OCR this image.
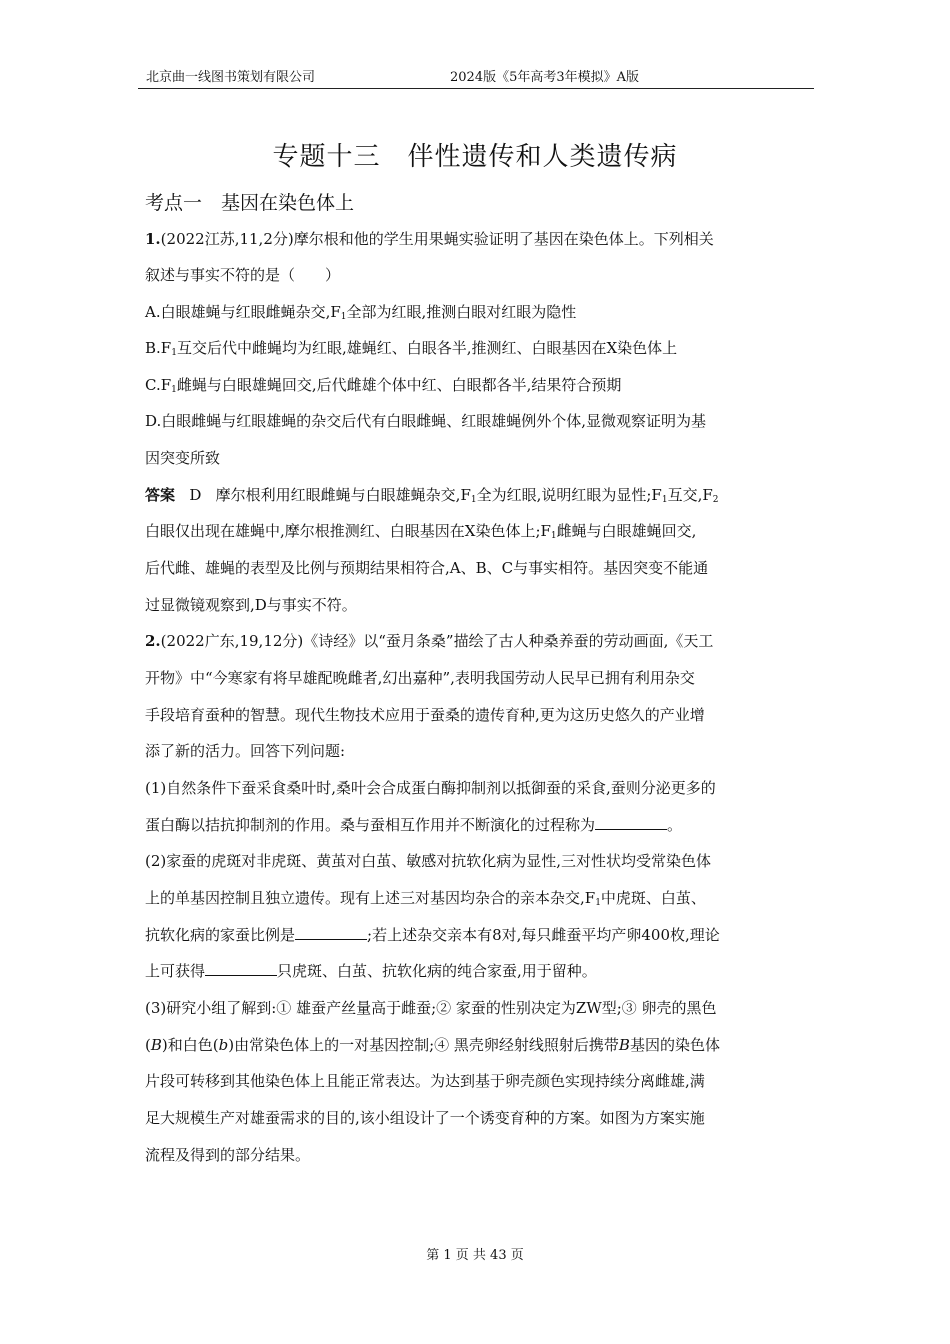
北京曲一线图书策划有限公司	2024版《5年高考3年模拟》A版
专题十三　伴性遗传和人类遗传病
考点一　基因在染色体上
1.(2022江苏,11,2分)摩尔根和他的学生用果蝇实验证明了基因在染色体上。下列相关
叙述与事实不符的是（　　）
A.白眼雄蝇与红眼雌蝇杂交$,F_1$全部为红眼,推测白眼对红眼为隐性
$B.F_1$互交后代中雌蝇均为红眼,雄蝇红、白眼各半,推测红、白眼基因在X染色体上
$C.F_1$雌蝇与白眼雄蝇回交,后代雌雄个体中红、白眼都各半,结果符合预期
D.白眼雌蝇与红眼雄蝇的杂交后代有白眼雌蝇、红眼雄蝇例外个体,显微观察证明为基
因突变所致
答案 D 摩尔根利用红眼雌蝇与白眼雄蝇杂交$,F_1$全为红眼,说明红眼为显性$;F_1$互交$,F_2$
白眼仅出现在雄蝇中,摩尔根推测红、白眼基因在X染色体上$;F_1$雌蝇与白眼雄蝇回交,
后代雌、雄蝇的表型及比例与预期结果相符合,A、B、C与事实相符。基因突变不能通
过显微镜观察到,D与事实不符。
2.(2022广东,19,12分)《诗经》以“蚕月条桑”描绘了古人种桑养蚕的劳动画面,《天工
开物》中“今寒家有将早雄配晚雌者,幻出嘉种”,表明我国劳动人民早已拥有利用杂交
手段培育蚕种的智慧。现代生物技术应用于蚕桑的遗传育种,更为这历史悠久的产业增
添了新的活力。回答下列问题:
(1)自然条件下蚕采食桑叶时,桑叶会合成蛋白酶抑制剂以抵御蚕的采食,蚕则分泌更多的
蛋白酶以拮抗抑制剂的作用。桑与蚕相互作用并不断演化的过程称为	。
(2)家蚕的虎斑对非虎斑、黄茧对白茧、敏感对抗软化病为显性,三对性状均受常染色体
上的单基因控制且独立遗传。现有上述三对基因均杂合的亲本杂交$,F_1$中虎斑、白茧、
抗软化病的家蚕比例是	;若上述杂交亲本有8对,每只雌蚕平均产卵400枚,理论
上可获得	只虎斑、白茧、抗软化病的纯合家蚕,用于留种。
(3)研究小组了解到:① 雄蚕产丝量高于雌蚕;② 家蚕的性别决定为ZW型;③ 卵壳的黑色
(B)和白色(b)由常染色体上的一对基因控制;④ 黑壳卵经射线照射后携带B基因的染色体
片段可转移到其他染色体上且能正常表达。为达到基于卵壳颜色实现持续分离雌雄,满
足大规模生产对雄蚕需求的目的,该小组设计了一个诱变育种的方案。如图为方案实施
流程及得到的部分结果。
第 1 页 共 43 页
